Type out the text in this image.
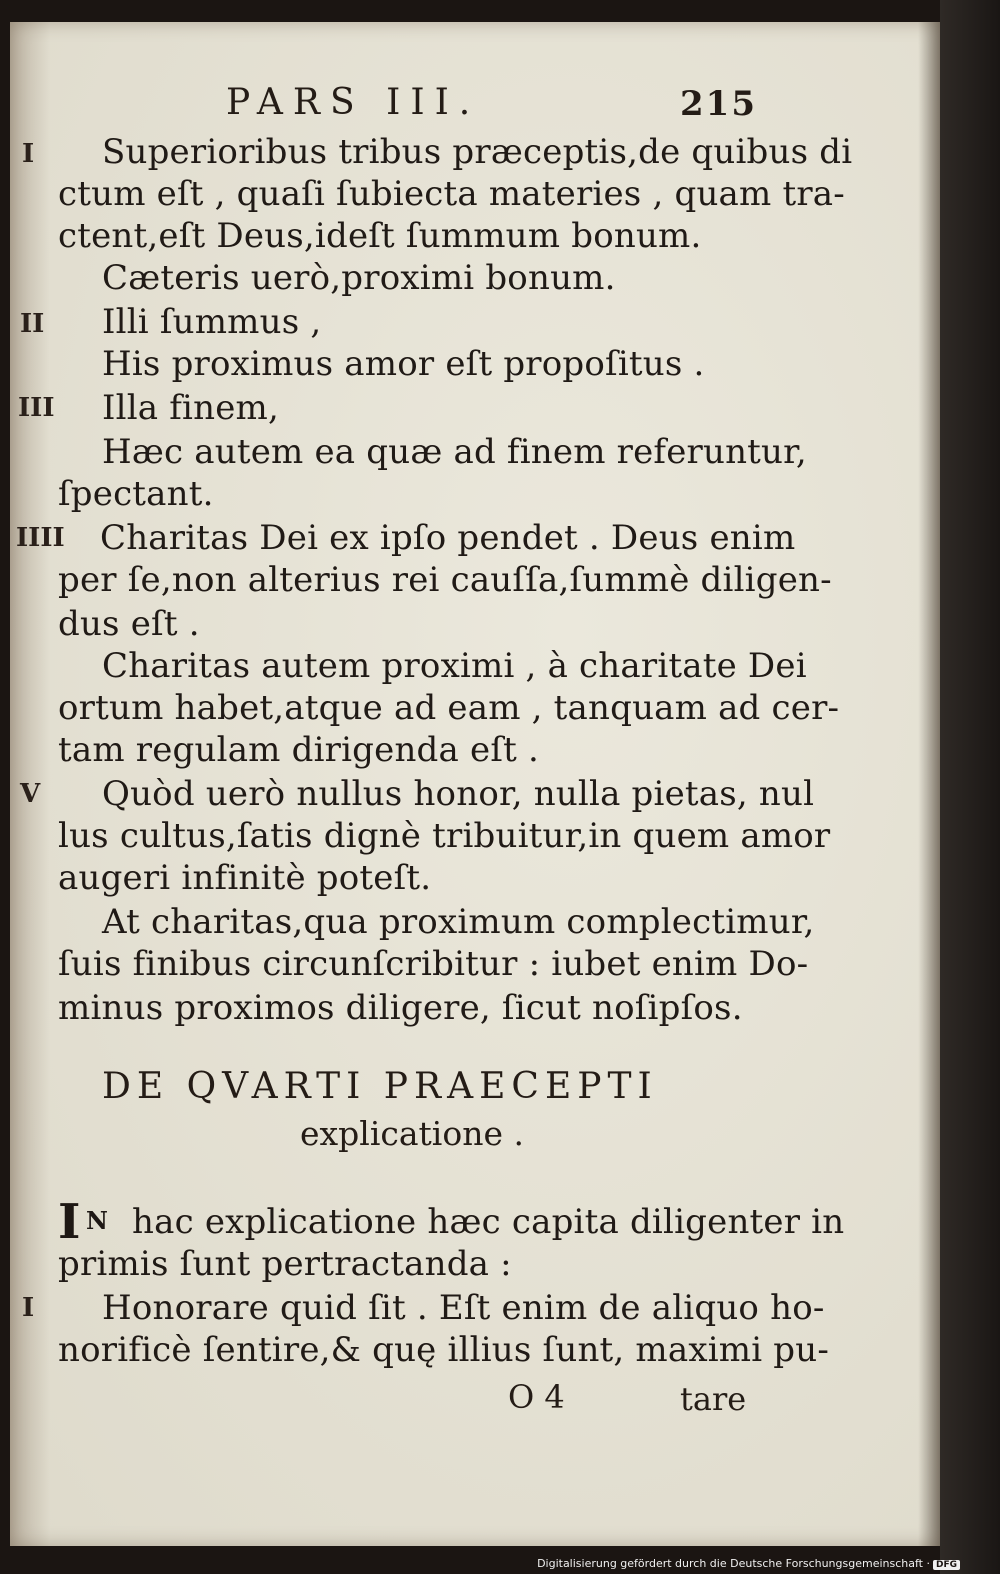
PARS III.	215
I
II
III
IIII
V
I
Superioribus tribus præceptis,de quibus di
ctum eſt , quaſi ſubiecta materies , quam tra-
ctent,eſt Deus,ideſt ſummum bonum.
Cæteris uerò,proximi bonum.
Illi ſummus ,
His proximus amor eſt propoſitus .
Illa finem,
Hæc autem ea quæ ad finem referuntur,
ſpectant.
Charitas Dei ex ipſo pendet . Deus enim
per ſe,non alterius rei cauſſa,ſummè diligen-
dus eſt .
Charitas autem proximi , à charitate Dei
ortum habet,atque ad eam , tanquam ad cer-
tam regulam dirigenda eſt .
Quòd uerò nullus honor, nulla pietas, nul
lus cultus,ſatis dignè tribuitur,in quem amor
augeri infinitè poteſt.
At charitas,qua proximum complectimur,
ſuis finibus circunſcribitur : iubet enim Do-
minus proximos diligere, ſicut noſipſos.
DE QVARTI PRAECEPTI
explicatione .
I N hac explicatione hæc capita diligenter in
primis ſunt pertractanda :
Honorare quid ſit . Eſt enim de aliquo ho-
norificè ſentire,& quę illius ſunt, maximi pu-
O 4	tare
Digitalisierung gefördert durch die Deutsche Forschungsgemeinschaft · DFG
